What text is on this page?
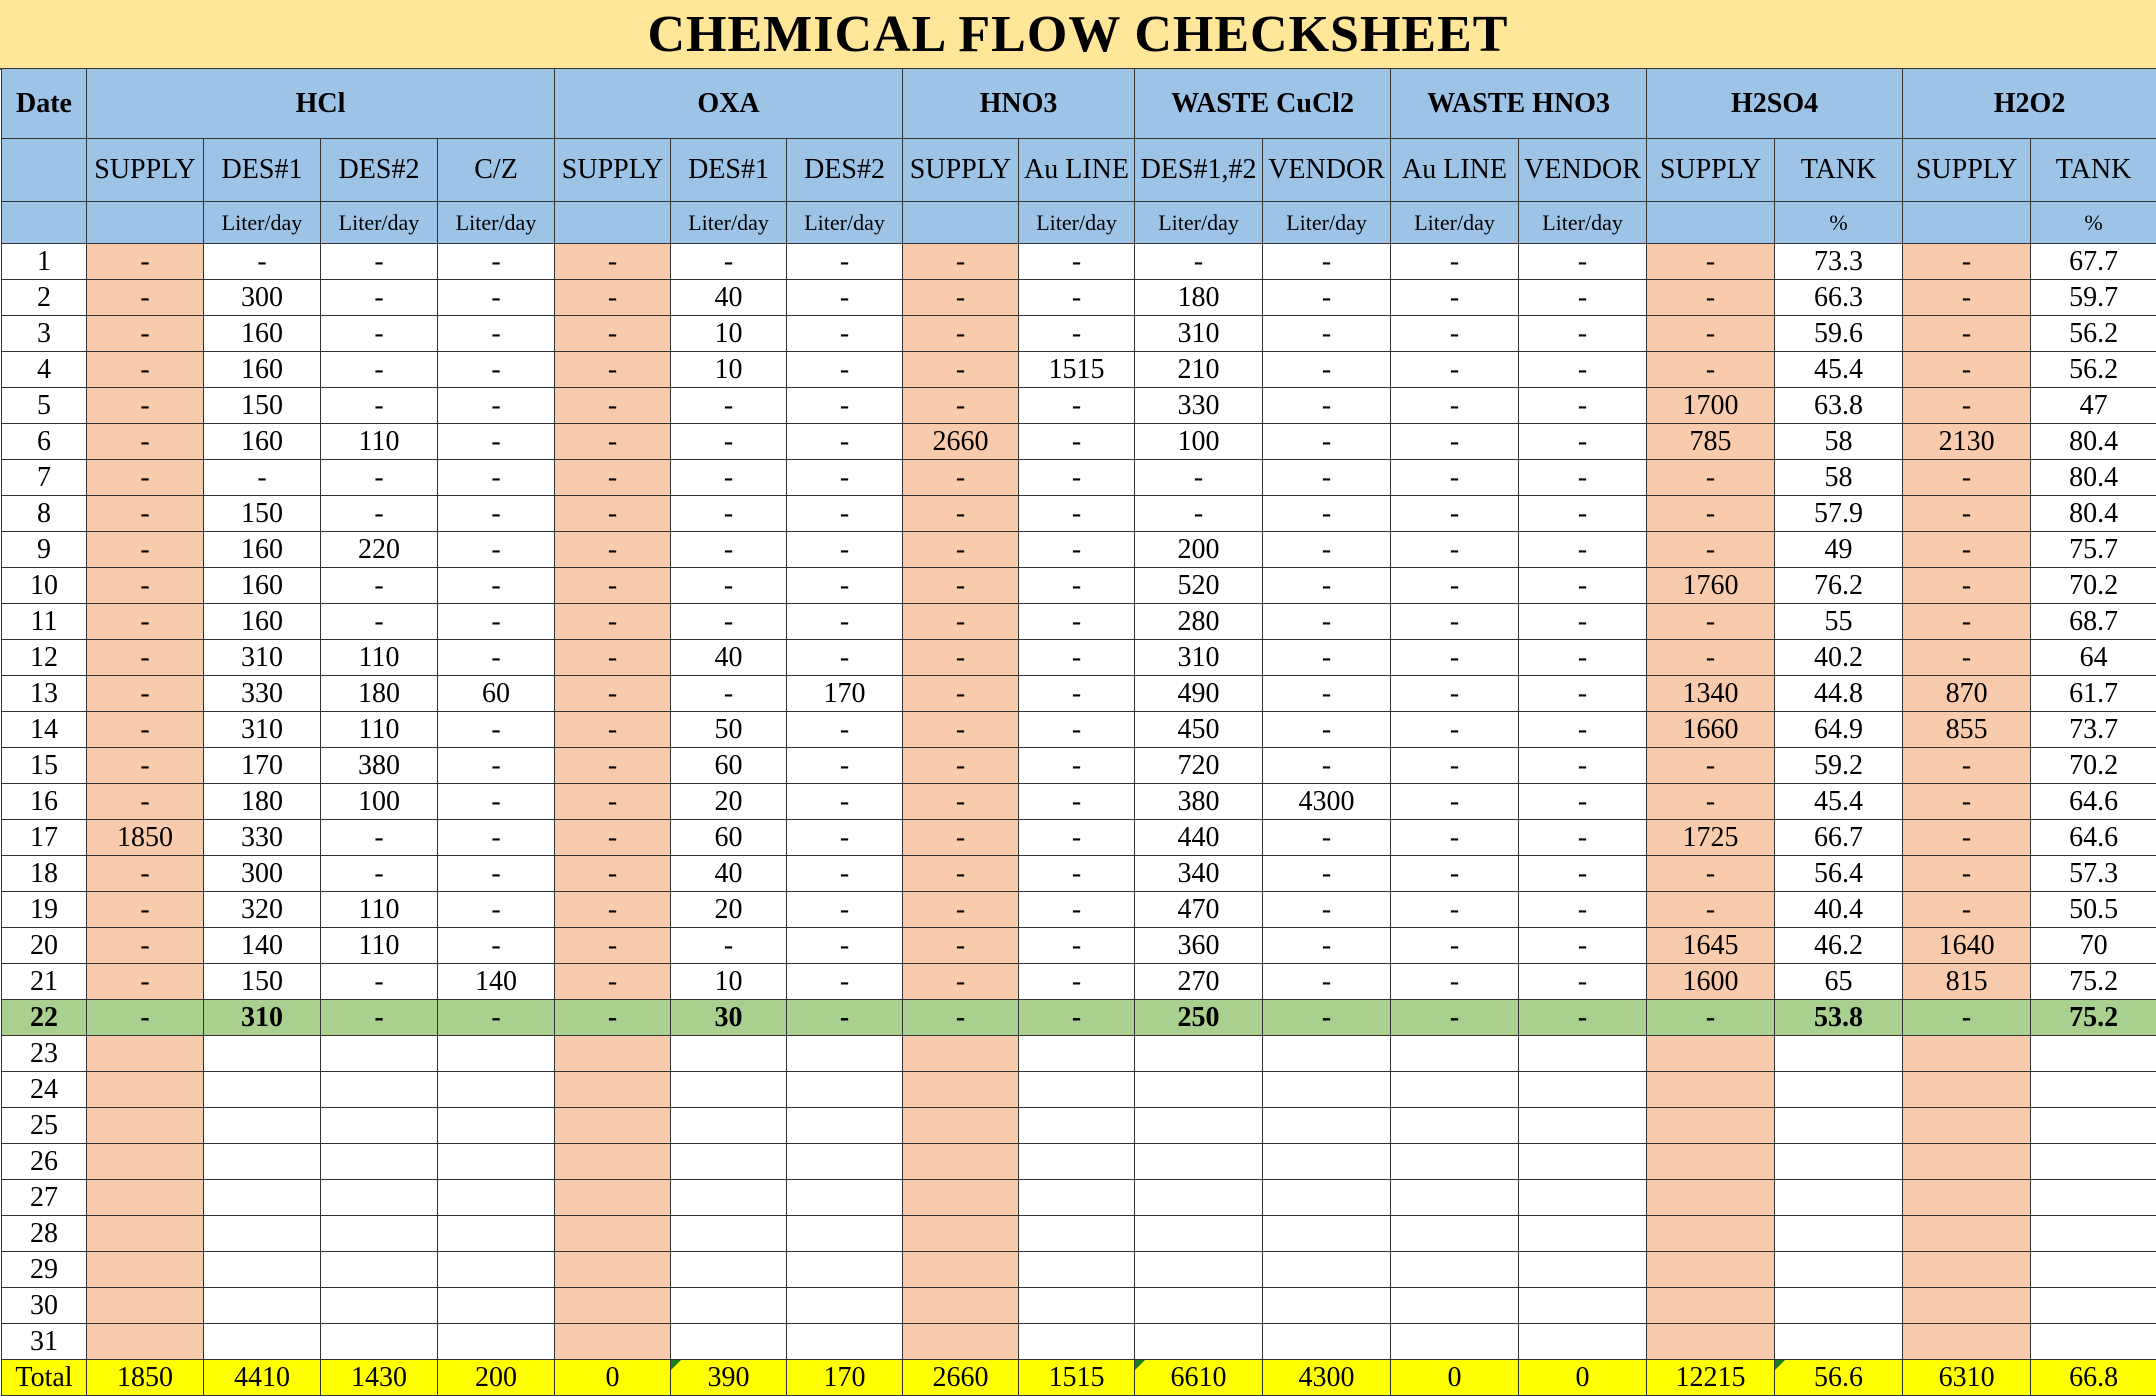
CHEMICAL FLOW CHECKSHEET
Date	HCl				OXA			HNO3		WASTE CuCl2		WASTE HNO3		H2SO4		H2O2	
	SUPPLY	DES#1	DES#2	C/Z	SUPPLY	DES#1	DES#2	SUPPLY	Au LINE	DES#1,#2	VENDOR	Au LINE	VENDOR	SUPPLY	TANK	SUPPLY	TANK
		Liter/day	Liter/day	Liter/day		Liter/day	Liter/day		Liter/day	Liter/day	Liter/day	Liter/day	Liter/day		%		%
1	-	-	-	-	-	-	-	-	-	-	-	-	-	-	73.3	-	67.7
2	-	300	-	-	-	40	-	-	-	180	-	-	-	-	66.3	-	59.7
3	-	160	-	-	-	10	-	-	-	310	-	-	-	-	59.6	-	56.2
4	-	160	-	-	-	10	-	-	1515	210	-	-	-	-	45.4	-	56.2
5	-	150	-	-	-	-	-	-	-	330	-	-	-	1700	63.8	-	47
6	-	160	110	-	-	-	-	2660	-	100	-	-	-	785	58	2130	80.4
7	-	-	-	-	-	-	-	-	-	-	-	-	-	-	58	-	80.4
8	-	150	-	-	-	-	-	-	-	-	-	-	-	-	57.9	-	80.4
9	-	160	220	-	-	-	-	-	-	200	-	-	-	-	49	-	75.7
10	-	160	-	-	-	-	-	-	-	520	-	-	-	1760	76.2	-	70.2
11	-	160	-	-	-	-	-	-	-	280	-	-	-	-	55	-	68.7
12	-	310	110	-	-	40	-	-	-	310	-	-	-	-	40.2	-	64
13	-	330	180	60	-	-	170	-	-	490	-	-	-	1340	44.8	870	61.7
14	-	310	110	-	-	50	-	-	-	450	-	-	-	1660	64.9	855	73.7
15	-	170	380	-	-	60	-	-	-	720	-	-	-	-	59.2	-	70.2
16	-	180	100	-	-	20	-	-	-	380	4300	-	-	-	45.4	-	64.6
17	1850	330	-	-	-	60	-	-	-	440	-	-	-	1725	66.7	-	64.6
18	-	300	-	-	-	40	-	-	-	340	-	-	-	-	56.4	-	57.3
19	-	320	110	-	-	20	-	-	-	470	-	-	-	-	40.4	-	50.5
20	-	140	110	-	-	-	-	-	-	360	-	-	-	1645	46.2	1640	70
21	-	150	-	140	-	10	-	-	-	270	-	-	-	1600	65	815	75.2
22	-	310	-	-	-	30	-	-	-	250	-	-	-	-	53.8	-	75.2
23																	
24																	
25																	
26																	
27																	
28																	
29																	
30																	
31																	
Total	1850	4410	1430	200	0	390	170	2660	1515	6610	4300	0	0	12215	56.6	6310	66.8
